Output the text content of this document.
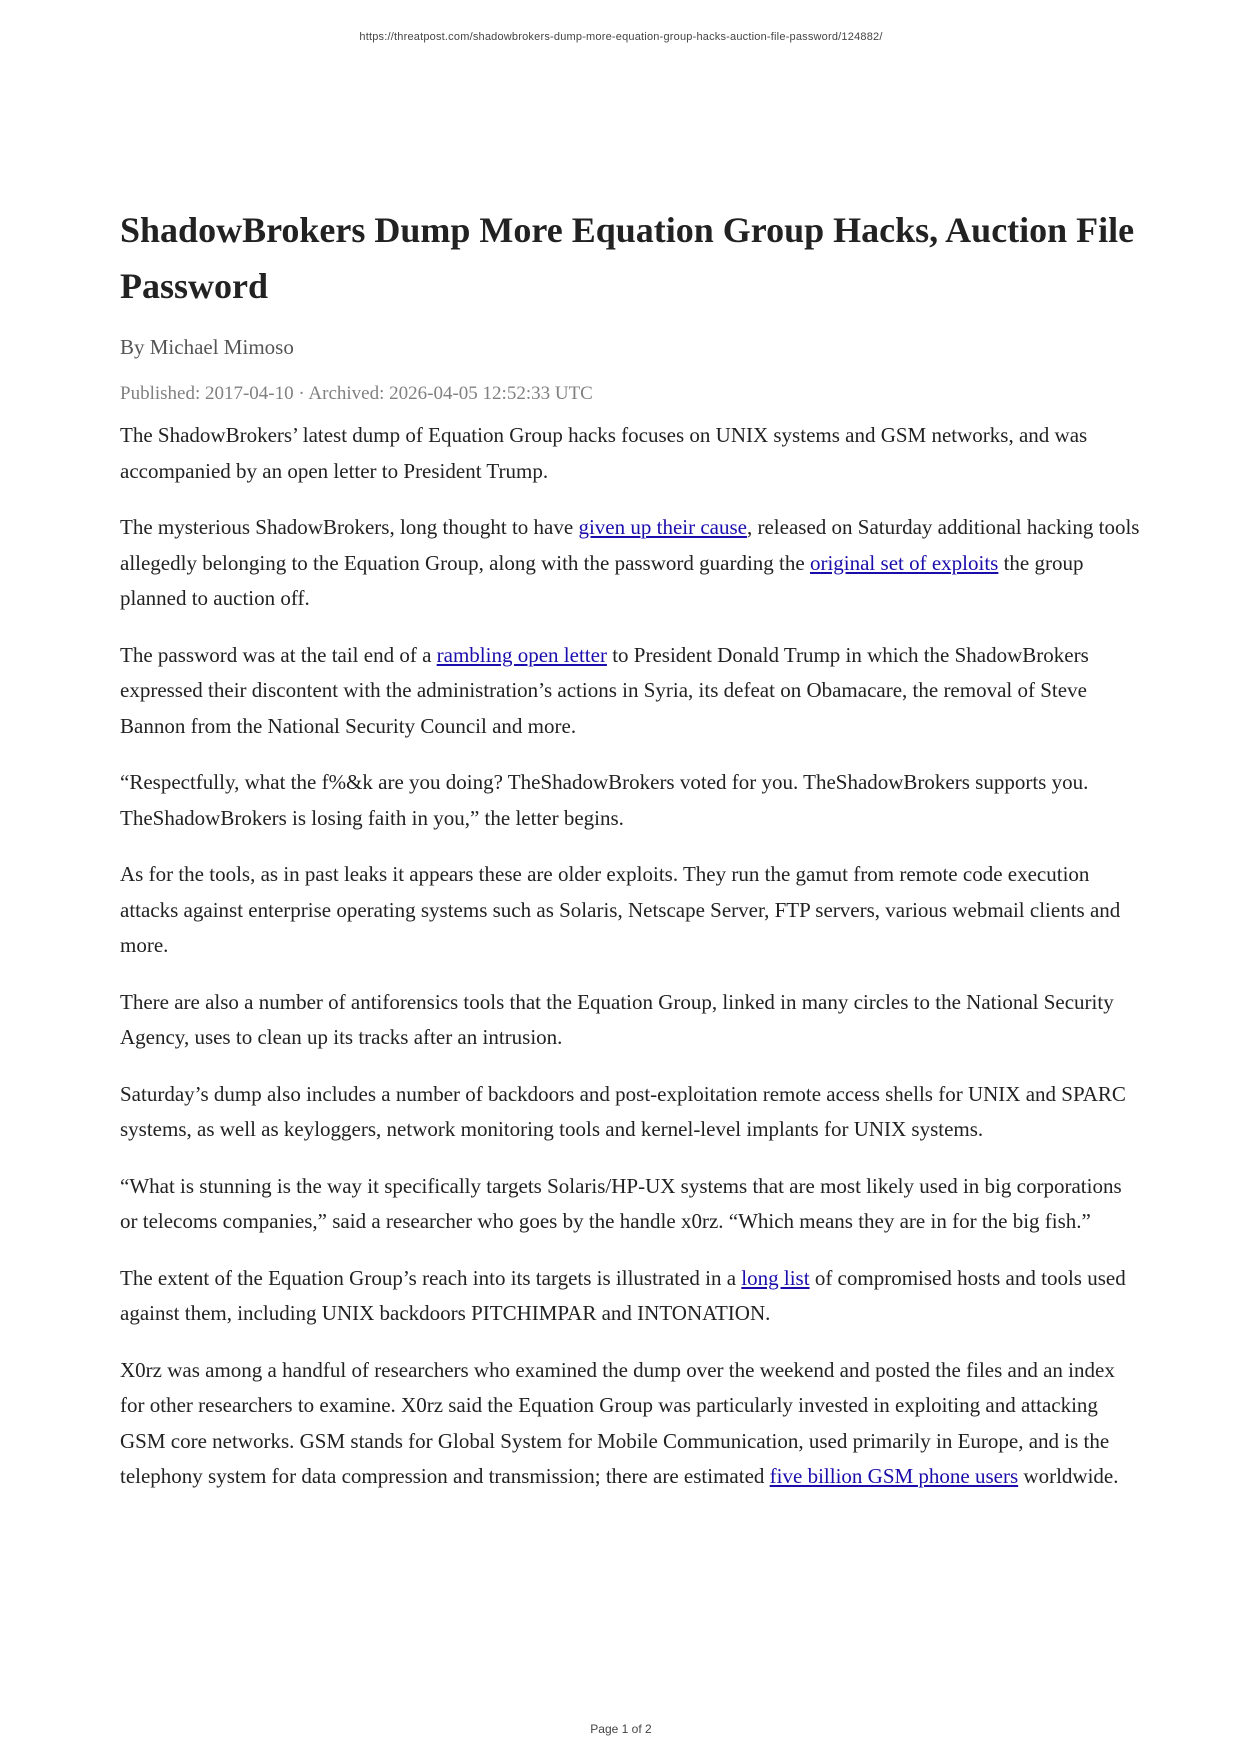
https://threatpost.com/shadowbrokers-dump-more-equation-group-hacks-auction-file-password/124882/
ShadowBrokers Dump More Equation Group Hacks, Auction File Password
By Michael Mimoso
Published: 2017-04-10 · Archived: 2026-04-05 12:52:33 UTC

The ShadowBrokers’ latest dump of Equation Group hacks focuses on UNIX systems and GSM networks, and was accompanied by an open letter to President Trump.

The mysterious ShadowBrokers, long thought to have given up their cause, released on Saturday additional hacking tools allegedly belonging to the Equation Group, along with the password guarding the original set of exploits the group planned to auction off.

The password was at the tail end of a rambling open letter to President Donald Trump in which the ShadowBrokers expressed their discontent with the administration’s actions in Syria, its defeat on Obamacare, the removal of Steve Bannon from the National Security Council and more.

“Respectfully, what the f%&k are you doing? TheShadowBrokers voted for you. TheShadowBrokers supports you. TheShadowBrokers is losing faith in you,” the letter begins.

As for the tools, as in past leaks it appears these are older exploits. They run the gamut from remote code execution attacks against enterprise operating systems such as Solaris, Netscape Server, FTP servers, various webmail clients and more.

There are also a number of antiforensics tools that the Equation Group, linked in many circles to the National Security Agency, uses to clean up its tracks after an intrusion.

Saturday’s dump also includes a number of backdoors and post-exploitation remote access shells for UNIX and SPARC systems, as well as keyloggers, network monitoring tools and kernel-level implants for UNIX systems.

“What is stunning is the way it specifically targets Solaris/HP-UX systems that are most likely used in big corporations or telecoms companies,” said a researcher who goes by the handle x0rz. “Which means they are in for the big fish.”

The extent of the Equation Group’s reach into its targets is illustrated in a long list of compromised hosts and tools used against them, including UNIX backdoors PITCHIMPAR and INTONATION.

X0rz was among a handful of researchers who examined the dump over the weekend and posted the files and an index for other researchers to examine. X0rz said the Equation Group was particularly invested in exploiting and attacking GSM core networks. GSM stands for Global System for Mobile Communication, used primarily in Europe, and is the telephony system for data compression and transmission; there are estimated five billion GSM phone users worldwide.

Page 1 of 2
